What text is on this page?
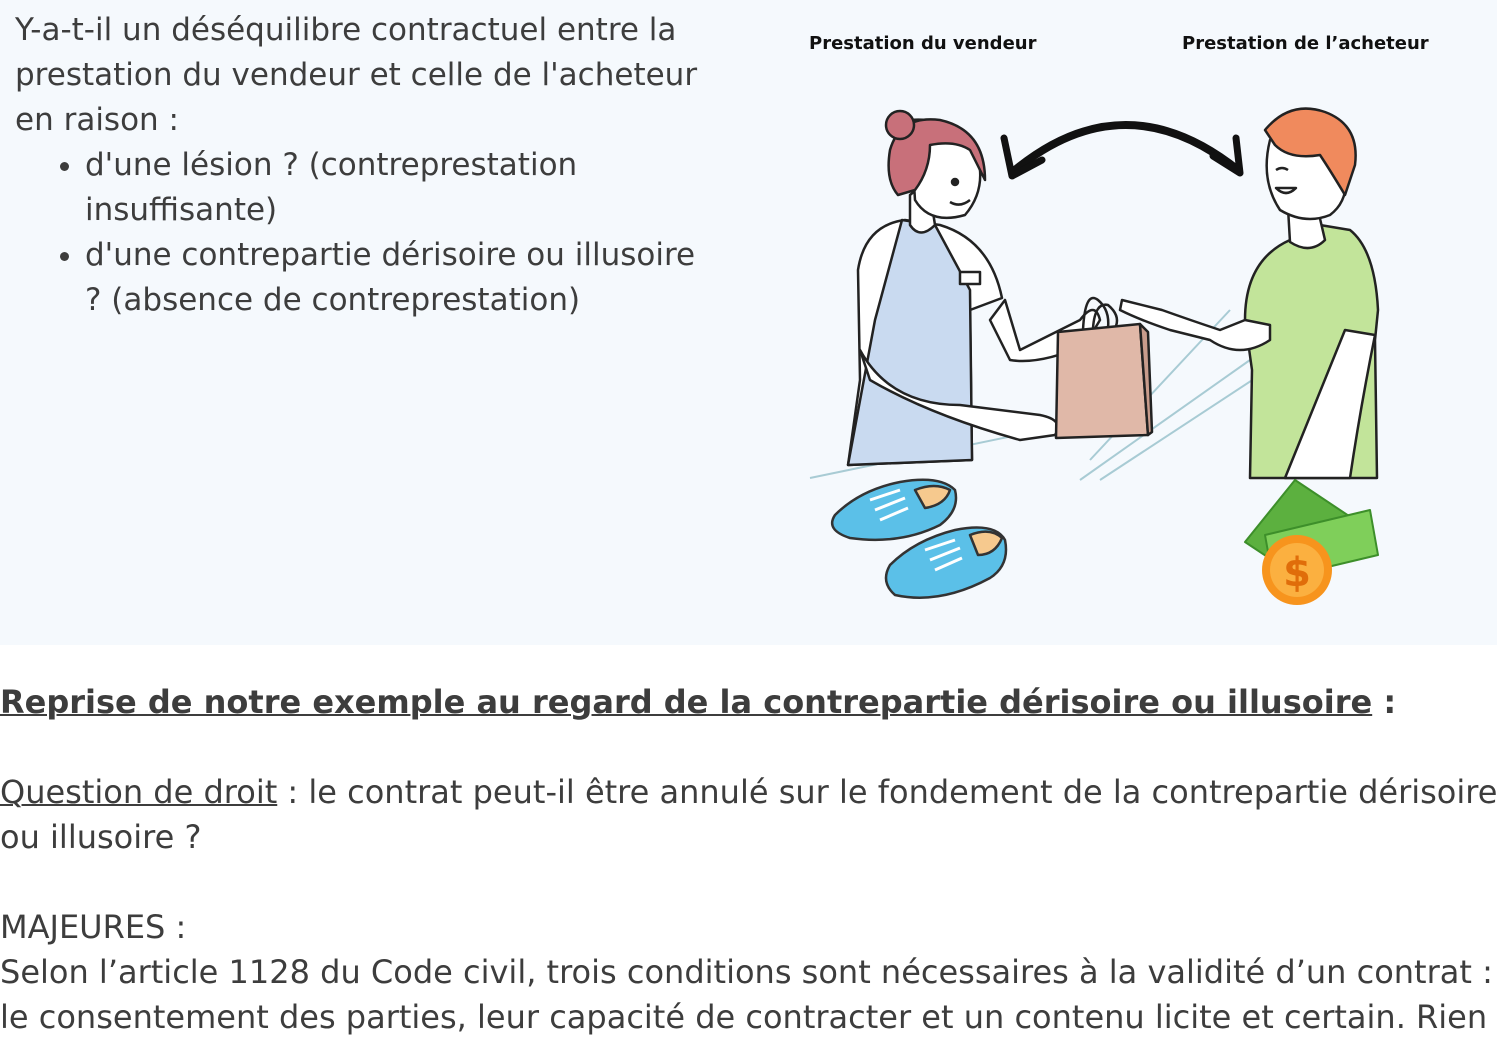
Y-a-t-il un déséquilibre contractuel entre la prestation du vendeur et celle de l'acheteur en raison :
• d'une lésion ? (contreprestation insuffisante)
• d'une contrepartie dérisoire ou illusoire ? (absence de contreprestation)
$
Prestation du vendeur	Prestation de l’acheteur

Reprise de notre exemple au regard de la contrepartie dérisoire ou illusoire :

Question de droit : le contrat peut-il être annulé sur le fondement de la contrepartie dérisoire ou illusoire ?

MAJEURES :

Selon l’article 1128 du Code civil, trois conditions sont nécessaires à la validité d’un contrat : le consentement des parties, leur capacité de contracter et un contenu licite et certain. Rien
